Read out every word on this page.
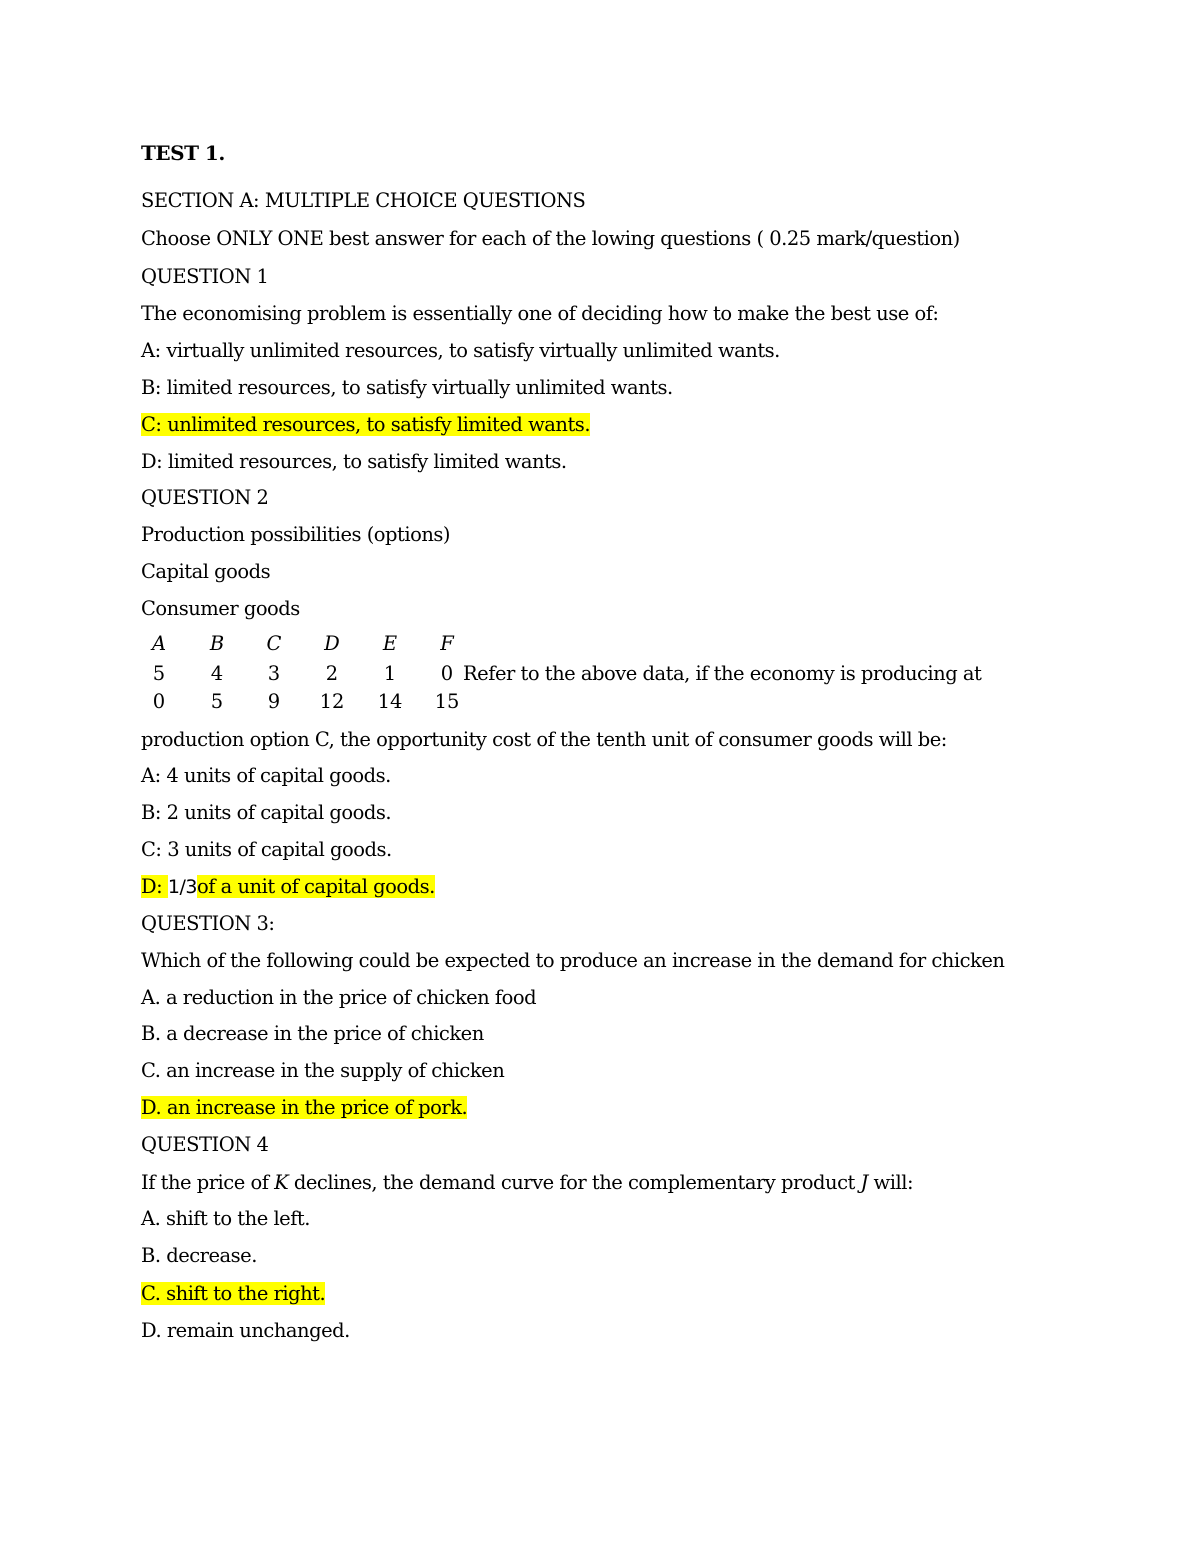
TEST 1.
SECTION A: MULTIPLE CHOICE QUESTIONS
Choose ONLY ONE best answer for each of the lowing questions ( 0.25 mark/question)
QUESTION 1
The economising problem is essentially one of deciding how to make the best use of:
A: virtually unlimited resources, to satisfy virtually unlimited wants.
B: limited resources, to satisfy virtually unlimited wants.
C: unlimited resources, to satisfy limited wants.
D: limited resources, to satisfy limited wants.
QUESTION 2
Production possibilities (options)
Capital goods
Consumer goods
A	B	C	D	E	F
5	4	3	2	1	0
0	5	9	12 14 15
Refer to the above data, if the economy is producing at
production option C, the opportunity cost of the tenth unit of consumer goods will be:
A: 4 units of capital goods.
B: 2 units of capital goods.
C: 3 units of capital goods.
D: 1/3of a unit of capital goods.
QUESTION 3:
Which of the following could be expected to produce an increase in the demand for chicken
A. a reduction in the price of chicken food
B. a decrease in the price of chicken
C. an increase in the supply of chicken
D. an increase in the price of pork.
QUESTION 4
If the price of K declines, the demand curve for the complementary product J will:
A. shift to the left.
B. decrease.
C. shift to the right.
D. remain unchanged.
